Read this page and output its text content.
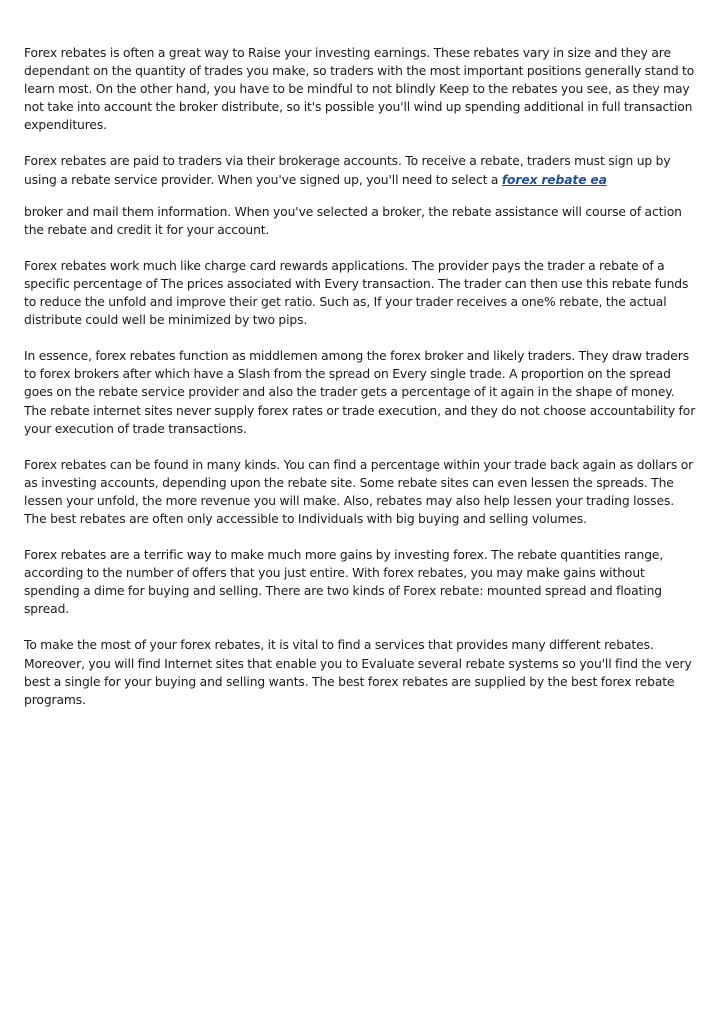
Forex rebates is often a great way to Raise your investing earnings. These rebates vary in size and they are dependant on the quantity of trades you make, so traders with the most important positions generally stand to learn most. On the other hand, you have to be mindful to not blindly Keep to the rebates you see, as they may not take into account the broker distribute, so it's possible you'll wind up spending additional in full transaction expenditures.

Forex rebates are paid to traders via their brokerage accounts. To receive a rebate, traders must sign up by using a rebate service provider. When you've signed up, you'll need to select a forex rebate ea

broker and mail them information. When you've selected a broker, the rebate assistance will course of action the rebate and credit it for your account.

Forex rebates work much like charge card rewards applications. The provider pays the trader a rebate of a specific percentage of The prices associated with Every transaction. The trader can then use this rebate funds to reduce the unfold and improve their get ratio. Such as, If your trader receives a one% rebate, the actual distribute could well be minimized by two pips.

In essence, forex rebates function as middlemen among the forex broker and likely traders. They draw traders to forex brokers after which have a Slash from the spread on Every single trade. A proportion on the spread goes on the rebate service provider and also the trader gets a percentage of it again in the shape of money. The rebate internet sites never supply forex rates or trade execution, and they do not choose accountability for your execution of trade transactions.

Forex rebates can be found in many kinds. You can find a percentage within your trade back again as dollars or as investing accounts, depending upon the rebate site. Some rebate sites can even lessen the spreads. The lessen your unfold, the more revenue you will make. Also, rebates may also help lessen your trading losses. The best rebates are often only accessible to Individuals with big buying and selling volumes.

Forex rebates are a terrific way to make much more gains by investing forex. The rebate quantities range, according to the number of offers that you just entire. With forex rebates, you may make gains without spending a dime for buying and selling. There are two kinds of Forex rebate: mounted spread and floating spread.

To make the most of your forex rebates, it is vital to find a services that provides many different rebates. Moreover, you will find Internet sites that enable you to Evaluate several rebate systems so you'll find the very best a single for your buying and selling wants. The best forex rebates are supplied by the best forex rebate programs.
